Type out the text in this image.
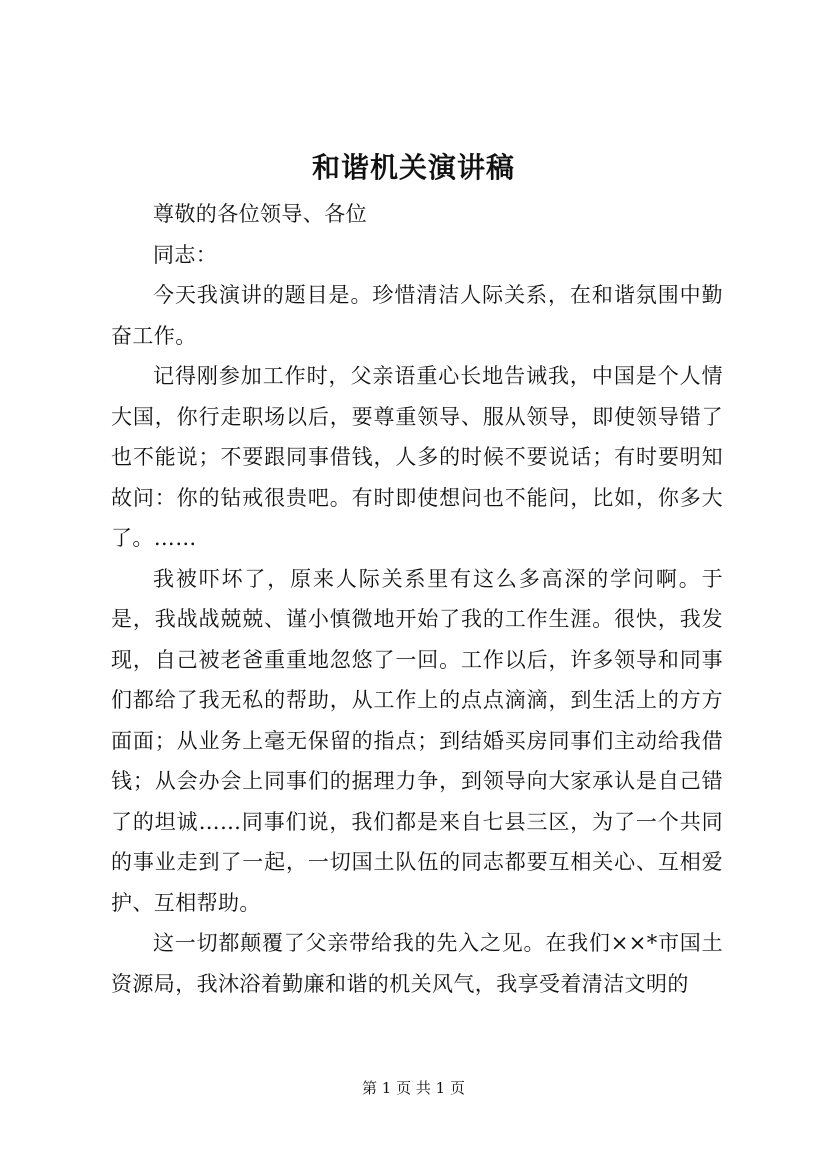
和谐机关演讲稿

尊敬的各位领导、各位

同志：

今天我演讲的题目是。珍惜清洁人际关系，在和谐氛围中勤奋工作。

记得刚参加工作时，父亲语重心长地告诫我，中国是个人情大国，你行走职场以后，要尊重领导、服从领导，即使领导错了也不能说；不要跟同事借钱，人多的时候不要说话；有时要明知故问：你的钻戒很贵吧。有时即使想问也不能问，比如，你多大了。……

我被吓坏了，原来人际关系里有这么多高深的学问啊。于是，我战战兢兢、谨小慎微地开始了我的工作生涯。很快，我发现，自己被老爸重重地忽悠了一回。工作以后，许多领导和同事们都给了我无私的帮助，从工作上的点点滴滴，到生活上的方方面面；从业务上毫无保留的指点；到结婚买房同事们主动给我借钱；从会办会上同事们的据理力争，到领导向大家承认是自己错了的坦诚……同事们说，我们都是来自七县三区，为了一个共同的事业走到了一起，一切国土队伍的同志都要互相关心、互相爱护、互相帮助。

这一切都颠覆了父亲带给我的先入之见。在我们××*市国土资源局，我沐浴着勤廉和谐的机关风气，我享受着清洁文明的

第 1 页 共 1 页
